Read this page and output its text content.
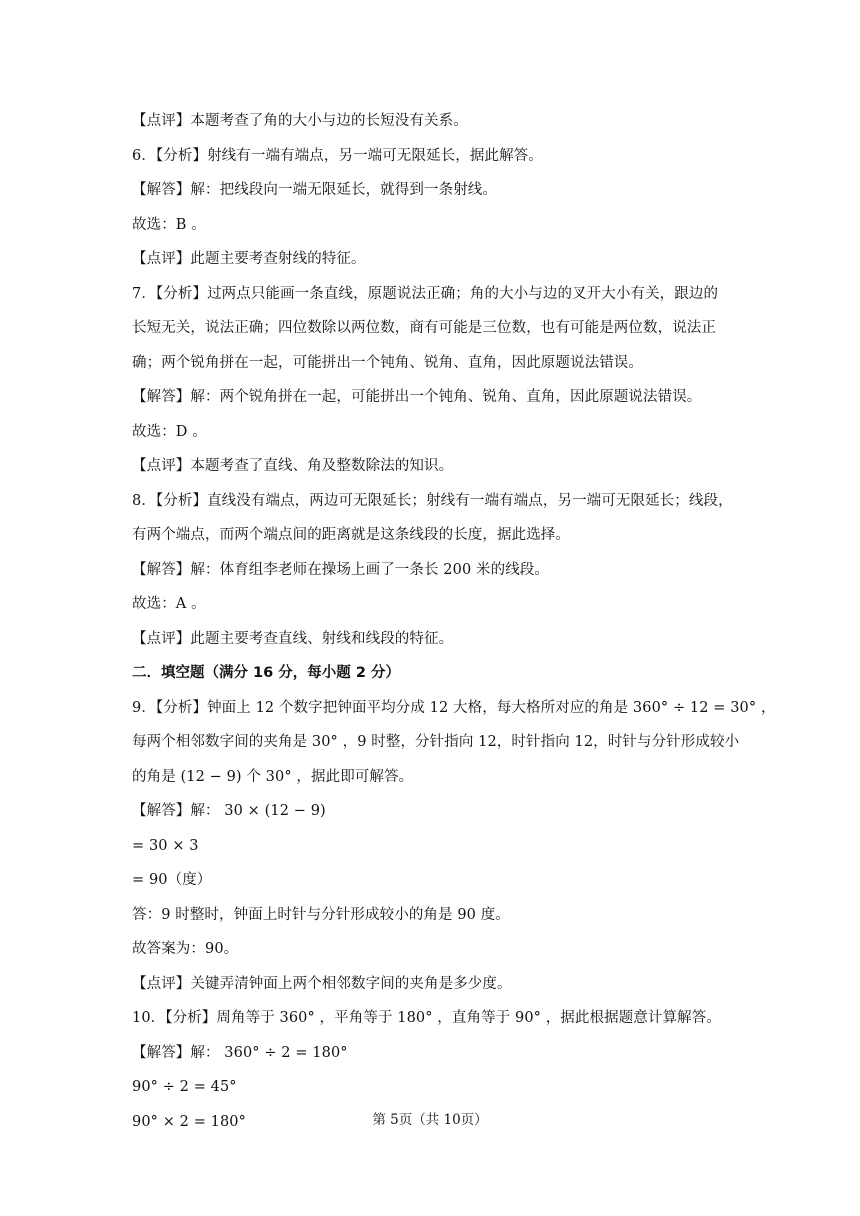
【点评】本题考查了角的大小与边的长短没有关系。
6．【分析】射线有一端有端点，另一端可无限延长，据此解答。
【解答】解：把线段向一端无限延长，就得到一条射线。
故选：B 。
【点评】此题主要考查射线的特征。
7．【分析】过两点只能画一条直线，原题说法正确；角的大小与边的叉开大小有关，跟边的
长短无关，说法正确；四位数除以两位数，商有可能是三位数，也有可能是两位数，说法正
确；两个锐角拼在一起，可能拼出一个钝角、锐角、直角，因此原题说法错误。
【解答】解：两个锐角拼在一起，可能拼出一个钝角、锐角、直角，因此原题说法错误。
故选：D 。
【点评】本题考查了直线、角及整数除法的知识。
8．【分析】直线没有端点，两边可无限延长；射线有一端有端点，另一端可无限延长；线段，
有两个端点，而两个端点间的距离就是这条线段的长度，据此选择。
【解答】解：体育组李老师在操场上画了一条长 200 米的线段。
故选：A 。
【点评】此题主要考查直线、射线和线段的特征。
二．填空题（满分 16 分，每小题 2 分）
9．【分析】钟面上 12 个数字把钟面平均分成 12 大格，每大格所对应的角是 360° ÷ 12 = 30° ，
每两个相邻数字间的夹角是 30° ，9 时整，分针指向 12，时针指向 12，时针与分针形成较小
的角是 (12 − 9) 个 30° ，据此即可解答。
【解答】解： 30 × (12 − 9)
= 30 × 3
= 90（度）
答：9 时整时，钟面上时针与分针形成较小的角是 90 度。
故答案为：90。
【点评】关键弄清钟面上两个相邻数字间的夹角是多少度。
10．【分析】周角等于 360° ，平角等于 180° ，直角等于 90° ，据此根据题意计算解答。
【解答】解： 360° ÷ 2 = 180°
90° ÷ 2 = 45°
90° × 2 = 180°	第 5页（共 10页）
